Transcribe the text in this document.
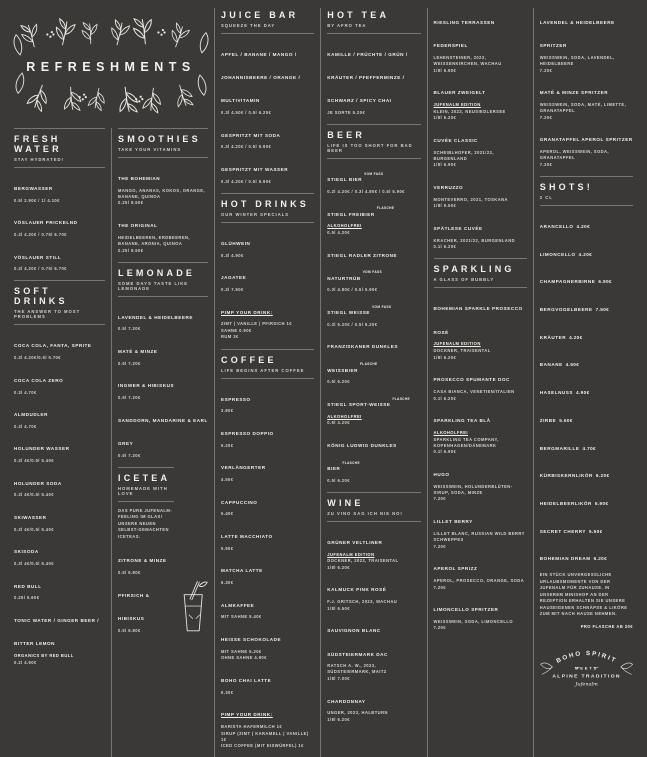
REFRESHMENTS
FRESH WATER
STAY HYDRATED!
BERGWASSER
0.5l 2.90€ / 1l 4.10€
VÖSLAUER PRICKELND
0.3l 4.20€ / 0.75l 6.70€
VÖSLAUER STILL
0.3l 4.20€ / 0.75l 6.70€
SOFT DRINKS
THE ANSWER TO MOST PROBLEMS
COCA COLA, FANTA, SPRITE
0.3l 4.20€/0.5l 5.70€
COCA COLA ZERO
0.3l 4.70€
ALMDUDLER
0.3l 4.70€
HOLUNDER WASSER
0.3l 4€/0.5l 5.40€
HOLUNDER SODA
0.3l 4€/0.5l 5.40€
SKIWASSER
0.3l 4€/0.5l 5.40€
SKISODA
0.3l 4€/0.5l 5.40€
RED BULL
0.25l 5.60€
TONIC WATER / GINGER BEER / BITTER LEMON
ORGANICS BY RED BULL
0.2l 4.90€
SMOOTHIES
TAKE YOUR VITAMINS
THE BOHEMIAN
MANGO, ANANAS, KOKOS, ORANGE, BANANE, QUINOA
0.25l 8.50€
THE ORIGINAL
HEIDELBEEREN, ERDBEEREN, BANANE, ARONIA, QUINOA
0.25l 8.50€
LEMONADE
SOME DAYS TASTE LIKE LEMONADE
LAVENDEL & HEIDELBEERE
0.5l 7.20€
MATÉ & MINZE
0.5l 7.20€
INGWER & HIBISKUS
0.5l 7.20€
SANDDORN, MANDARINE & EARL GREY
0.5l 7.20€
ICETEA
HOMEMADE WITH LOVE

DAS PURE JUFENALM-FEELING IM GLAS! UNSERE NEUEN SELBST-GEMACHTEN ICETEAS.

ZITRONE & MINZE
0.5l 6.80€
PFIRSICH & HIBISKUS
0.5l 6.80€
JUICE BAR
SQUEEZE THE DAY
APFEL / BANANE / MANGO / JOHANNISBEERE / ORANGE / MULTIVITAMIN
0.3l 4.50€ / 0.5l 6.20€
GESPRITZT MIT SODA
0.3l 4.20€ / 0.5l 5.90€
GESPRITZT MIT WASSER
0.3l 4.20€ / 0.5l 5.90€
HOT DRINKS
OUR WINTER SPECIALS
GLÜHWEIN
0.3l 4.90€
JAGATEE
0.3l 7.50€
PIMP YOUR DRINK:
ZIMT | VANILLE | PFIRSICH 1€
SAHNE 0.90€
RUM 3€
COFFEE
LIFE BEGINS AFTER COFFEE
ESPRESSO
3.80€
ESPRESSO DOPPIO
5.20€
VERLÄNGERTER
4.50€
CAPPUCCINO
5.40€
LATTE MACCHIATO
5.90€
MATCHA LATTE
6.30€
ALMKAFFEE
MIT SAHNE 5.40€
HEISSE SCHOKOLADE
MIT SAHNE 5.20€
OHNE SAHNE 4.90€
BOHO CHAI LATTE
6.30€
PIMP YOUR DRINK:
BARISTA HAFERMILCH 1€
SIRUP (ZIMT | KARAMELL | VANILLE) 1€
ICED COFFEE (MIT EISWÜRFEL) 1€
HOT TEA
BY AFRO TEA
KAMILLE / FRÜCHTE / GRÜN / KRÄUTER / PFEFFERMINZE / SCHWARZ / SPICY CHAI
JE SORTE 5.20€
BEER
LIFE IS TOO SHORT FOR BAD BEER
STIEGL $BIER^{VOM FASS}$
0.2l 4.20€ / 0.3l 4.80€ / 0.5l 5.90€
STIEGL $FREIBIER^{FLASCHE}$
ALKOHOLFREI
0.5l 4.20€
STIEGL RADLER ZITRONE $NATURTRÜB^{VOM FASS}$
0.3l 4.80€ / 0.5l 5.90€
STIEGL $WEISSE^{VOM FASS}$
0.3l 5.20€ / 0.5l 6.20€
FRANZISKANER DUNKLES $WEISSBIER^{FLASCHE}$
0.5l 6.20€
STIEGL SPORT-$WEISSE^{FLASCHE}$
ALKOHOLFREI
0.5l 4.20€
KÖNIG LUDWIG DUNKLES $BIER^{FLASCHE}$
0.5l 6.20€
WINE
ZU VINO SAG ICH NIE NO!
GRÜNER VELTLINER
JUFENALM EDITION
DOCKNER, 2022, TRAISENTAL
1/8l 6.20€
KALMUCK PINK ROSÉ
F.J. GRITSCH, 2023, WACHAU
1/8l 6.50€
SAUVIGNON BLANC SÜDSTEIERMARK DAC
RATSCH A. W., 2023, SÜDSTEIERMARK, MAITZ
1/8l 7.00€
CHARDONNAY
UNGER, 2023, HALBTURN
1/8l 6.20€
RIESLING TERRASSEN FEDERSPIEL
LEHENSTEINER, 2023, WEISSENKIRCHEN, WACHAU
1/8l 6.90€
BLAUER ZWEIGELT
JUFENALM EDITION
KLEIN, 2022, NEUSIEDLERSEE
1/8l 6.20€
CUVÉE CLASSIC
SCHEIBLHOFER, 2021/22, BURGENLAND
1/8l 6.90€
VERRUZZO
MONTEVERRO, 2021, TOSKANA
1/8l 9.50€
SPÄTLESE CUVÉE
KRACHER, 2021/22, BURGENLAND
0.1l 6.20€
SPARKLING
A GLASS OF BUBBLY
BOHEMIAN SPARKLE PROSECCO ROSÉ
JUFENALM EDITION
DOCKNER, TRAISENTAL
1/8l 6.20€
PROSECCO SPUMANTE DOC
CASA BIANCA, VENETIEN/ITALIEN
0.1l 6.20€
SPARKLING TEA BLÅ
ALKOHOLFREI
SPARKLING TEA COMPANY, KOPENHAGEN/DÄNEMARK
0.1l 6.90€
HUGO
WEISSWEIN, HOLUNDERBLÜTEN-SIRUP, SODA, MINZE
7.20€
LILLET BERRY
LILLET BLANC, RUSSIAN WILD BERRY SCHWEPPES
7.20€
APEROL SPRIZZ
APEROL, PROSECCO, ORANGE, SODA
7.20€
LIMONCELLO SPRITZER
WEISSWEIN, SODA, LIMONCELLO
7.20€
LAVENDEL & HEIDELBEERE SPRITZER
WEISSWEIN, SODA, LAVENDEL, HEIDELBEERE
7.20€
MATÉ & MINZE SPRITZER
WEISSWEIN, SODA, MATÉ, LIMETTE, GRANATAPFEL
7.20€
GRANATAPFEL APEROL SPRITZER
APEROL, WEISSWEIN, SODA, GRANATAPFEL
7.20€
SHOTS!
2 CL
ARANCELLO 4.20€
LIMONCELLO 4.20€
CHAMPAGNERBIRNE 6.90€
BERGVOGELBEERE 7.50€
KRÄUTER 4.20€
BANANE 4.50€
HASELNUSS 4.90€
ZIRBE 5.50€
BERGMARILLE 4.70€
KÜRBISKERNLIKÖR 6.20€
HEIDELBEERLIKÖR 5.90€
SECRET CHERRY 5.50€
BOHEMIAN DREAM 6.20€

EIN STÜCK UNVERGESSLICHE URLAUBSMOMENTE VON DER JUFENALM FÜR ZUHAUSE. IN UNSEREM MINISHOP AN DER REZEPTION ERHALTEN SIE UNSERE HAUSEIGENEN SCHNÄPSE & LIKÖRE ZUM MIT NACH HAUSE NEHMEN.

PRO FLASCHE AB 20€

BOHO SPIRIT
MEETS
ALPINE TRADITION
Jufenalm
